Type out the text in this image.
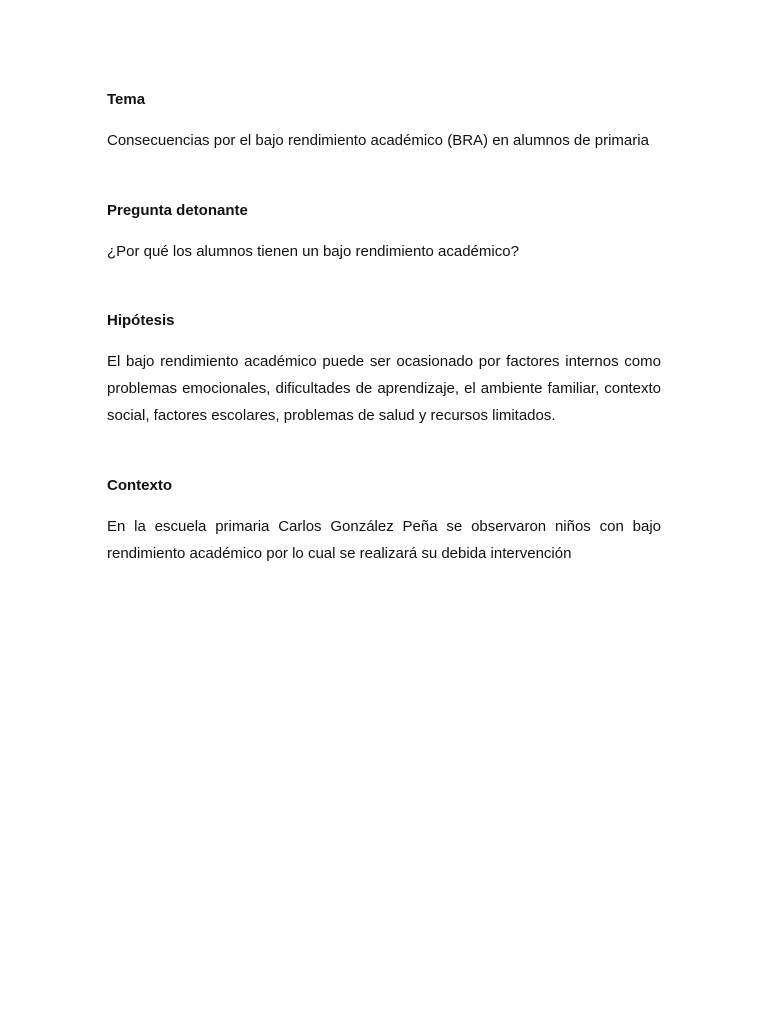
Tema

Consecuencias por el bajo rendimiento académico (BRA) en alumnos de primaria

Pregunta detonante

¿Por qué los alumnos tienen un bajo rendimiento académico?

Hipótesis

El bajo rendimiento académico puede ser ocasionado por factores internos como problemas emocionales, dificultades de aprendizaje, el ambiente familiar, contexto social, factores escolares, problemas de salud y recursos limitados.

Contexto

En la escuela primaria Carlos González Peña se observaron niños con bajo rendimiento académico por lo cual se realizará su debida intervención
